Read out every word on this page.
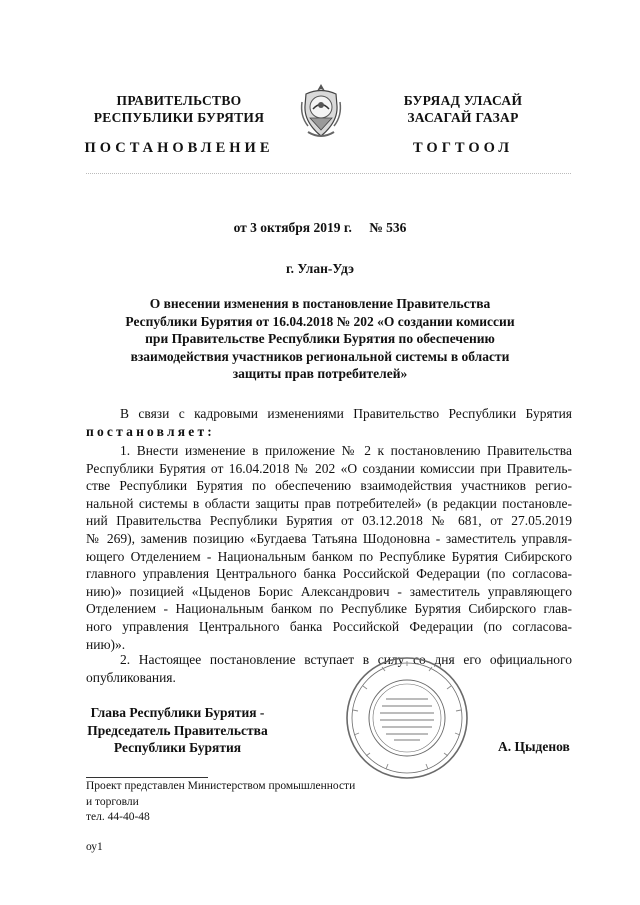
ПРАВИТЕЛЬСТВО
РЕСПУБЛИКИ БУРЯТИЯ
БУРЯАД УЛАСАЙ
ЗАСАГАЙ ГАЗАР
ПОСТАНОВЛЕНИЕ	ТОГТООЛ
от 3 октября 2019 г. № 536
г. Улан-Удэ
О внесении изменения в постановление Правительства
Республики Бурятия от 16.04.2018 № 202 «О создании комиссии
при Правительстве Республики Бурятия по обеспечению
взаимодействия участников региональной системы в области
защиты прав потребителей»
В связи с кадровыми изменениями Правительство Республики Бурятия
постановляет:
1. Внести изменение в приложение № 2 к постановлению Правительства
Республики Бурятия от 16.04.2018 № 202 «О создании комиссии при Правитель-
стве Республики Бурятия по обеспечению взаимодействия участников регио-
нальной системы в области защиты прав потребителей» (в редакции постановле-
ний Правительства Республики Бурятия от 03.12.2018 № 681, от 27.05.2019
№ 269), заменив позицию «Бугдаева Татьяна Шодоновна - заместитель управля-
ющего Отделением - Национальным банком по Республике Бурятия Сибирского
главного управления Центрального банка Российской Федерации (по согласова-
нию)» позицией «Цыденов Борис Александрович - заместитель управляющего
Отделением - Национальным банком по Республике Бурятия Сибирского глав-
ного управления Центрального банка Российской Федерации (по согласова-
нию)».
2. Настоящее постановление вступает в силу со дня его официального
опубликования.
Глава Республики Бурятия -
Председатель Правительства
Республики Бурятия	А. Цыденов
Проект представлен Министерством промышленности
и торговли
тел. 44-40-48
оу1
